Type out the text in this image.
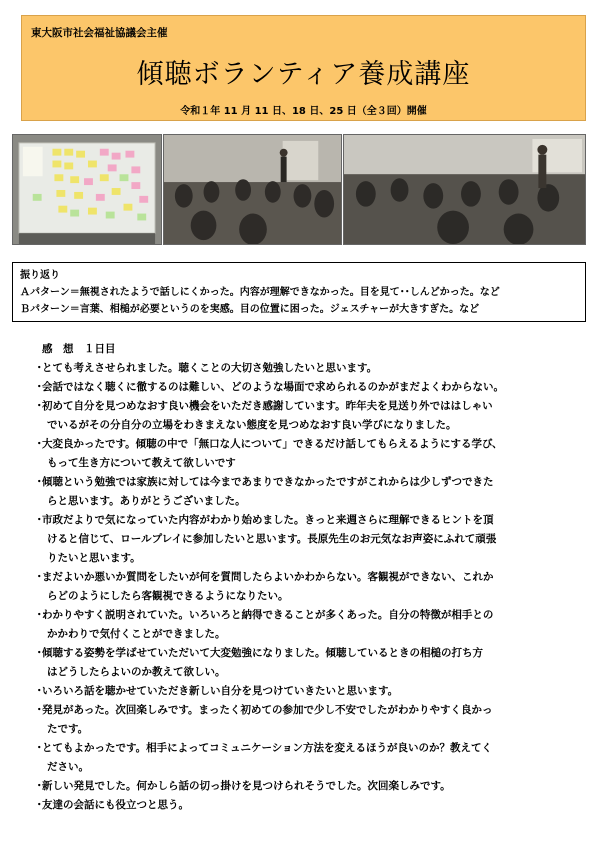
東大阪市社会福祉協議会主催
傾聴ボランティア養成講座
令和１年 11 月 11 日、18 日、25 日（全３回）開催
振り返り
Ａパターン＝無視されたようで話しにくかった。内容が理解できなかった。目を見て･･しんどかった。など
Ｂパターン＝言葉、相槌が必要というのを実感。目の位置に困った。ジェスチャーが大きすぎた。など
感　想　１日目
・
とても考えさせられました。聴くことの大切さ勉強したいと思います。
・
会話ではなく聴くに徹するのは難しい、どのような場面で求められるのかがまだよくわからない。
・
初めて自分を見つめなおす良い機会をいただき感謝しています。昨年夫を見送り外でははしゃい
でいるがその分自分の立場をわきまえない態度を見つめなおす良い学びになりました。
・
大変良かったです。傾聴の中で「無口な人について」できるだけ話してもらえるようにする学び、
もって生き方について教えて欲しいです
・
傾聴という勉強では家族に対しては今まであまりできなかったですがこれからは少しずつできた
らと思います。ありがとうございました。
・
市政だよりで気になっていた内容がわかり始めました。きっと来週さらに理解できるヒントを頂
けると信じて、ロールプレイに参加したいと思います。長原先生のお元気なお声姿にふれて頑張
りたいと思います。
・
まだよいか悪いか質問をしたいが何を質問したらよいかわからない。客観視ができない、これか
らどのようにしたら客観視できるようになりたい。
・
わかりやすく説明されていた。いろいろと納得できることが多くあった。自分の特徴が相手との
かかわりで気付くことができました。
・
傾聴する姿勢を学ばせていただいて大変勉強になりました。傾聴しているときの相槌の打ち方
はどうしたらよいのか教えて欲しい。
・
いろいろ話を聴かせていただき新しい自分を見つけていきたいと思います。
・
発見があった。次回楽しみです。まったく初めての参加で少し不安でしたがわかりやすく良かっ
たです。
・
とてもよかったです。相手によってコミュニケーション方法を変えるほうが良いのか？教えてく
ださい。
・
新しい発見でした。何かしら話の切っ掛けを見つけられそうでした。次回楽しみです。
・
友達の会話にも役立つと思う。
